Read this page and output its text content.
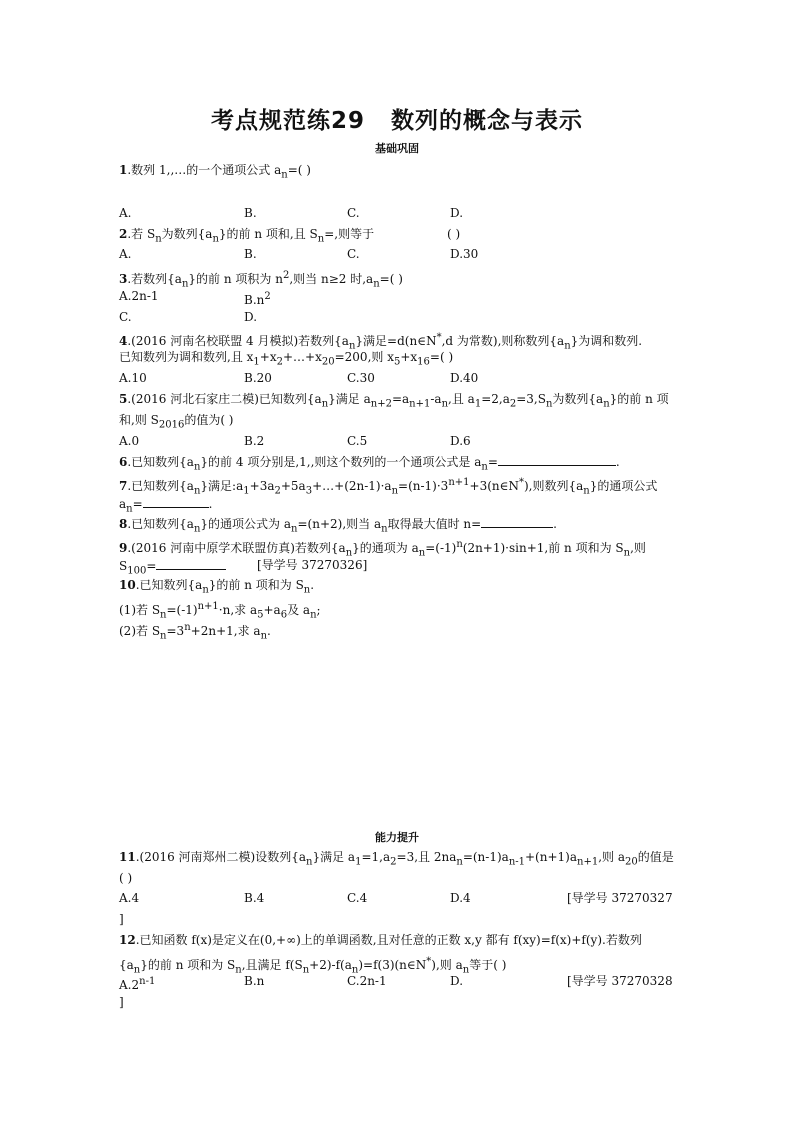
考点规范练29 数列的概念与表示
基础巩固
1.数列 1,,…的一个通项公式 $a_n=$( )
A.	B.	C.	D.
2.若 $S_n$为数列$\{a_n\}$的前 n 项和,且 $S_n=$,则等于	( )
A.	B.	C.	D.30
3.若数列$\{a_n\}$的前 n 项积为 $n^2$,则当 n≥2 时$,a_n=$( )
A.2n-1	$B.n^2$
C.	D.
4.(2016 河南名校联盟 4 月模拟)若数列$\{a_n\}$满足=d(n∈N*,d 为常数),则称数列$\{a_n\}$为调和数列.
已知数列为调和数列,且 $x_1+x_2+\dots+x_{20}=200$,则 $x_5+x_{16}=$( )
A.10	B.20	C.30	D.40
5.(2016 河北石家庄二模)已知数列$\{a_n\}$满足 $a_{n+2}=a_{n+1}-a_n$,且 $a_1=2,a_2=3,S_n$为数列$\{a_n\}$的前 n 项
和,则 $S_{2016}$的值为( )
A.0	B.2	C.5	D.6
6.已知数列$\{a_n\}$的前 4 项分别是,1,,则这个数列的一个通项公式是 $a_n=$	.
7.已知数列$\{a_n\}$满足$:a_1+3a_2+5a_3+\dots+(2n-1)\cdot a_n=(n-1)\cdot 3^{n+1}+3(n\in N^*)$,则数列$\{a_n\}$的通项公式
$a_n=$	.
8.已知数列$\{a_n\}$的通项公式为 $a_n=(n+2)$,则当 $a_n$取得最大值时 n=	.
9.(2016 河南中原学术联盟仿真)若数列$\{a_n\}$的通项为 $a_n=(-1)^n(2n+1)\cdot\sin+1$,前 n 项和为 $S_n$,则
$S_{100}=$	[导学号 37270326]
10.已知数列$\{a_n\}$的前 n 项和为 $S_n$.
(1)若 $S_n=(-1)^{n+1}\cdot n$,求 $a_5+a_6$及 $a_n$;
(2)若 $S_n=3^n+2n+1$,求 $a_n$.
能力提升
11.(2016 河南郑州二模)设数列$\{a_n\}$满足 $a_1=1,a_2=3$,且 $2na_n=(n-1)a_{n-1}+(n+1)a_{n+1}$,则 $a_{20}$的值是
( )
A.4	B.4	C.4	D.4	[导学号 37270327
]
12.已知函数 f(x)是定义在(0,+∞)上的单调函数,且对任意的正数 x,y 都有 f(xy)=f(x)+f(y).若数列
$\{a_n\}$的前 n 项和为 $S_n$,且满足 $f(S_n+2)-f(a_n)=f(3)(n\in N^*)$,则 $a_n$等于( )
A.2$^{n-1}$	B.n	C.2n-1	D.	[导学号 37270328
]
